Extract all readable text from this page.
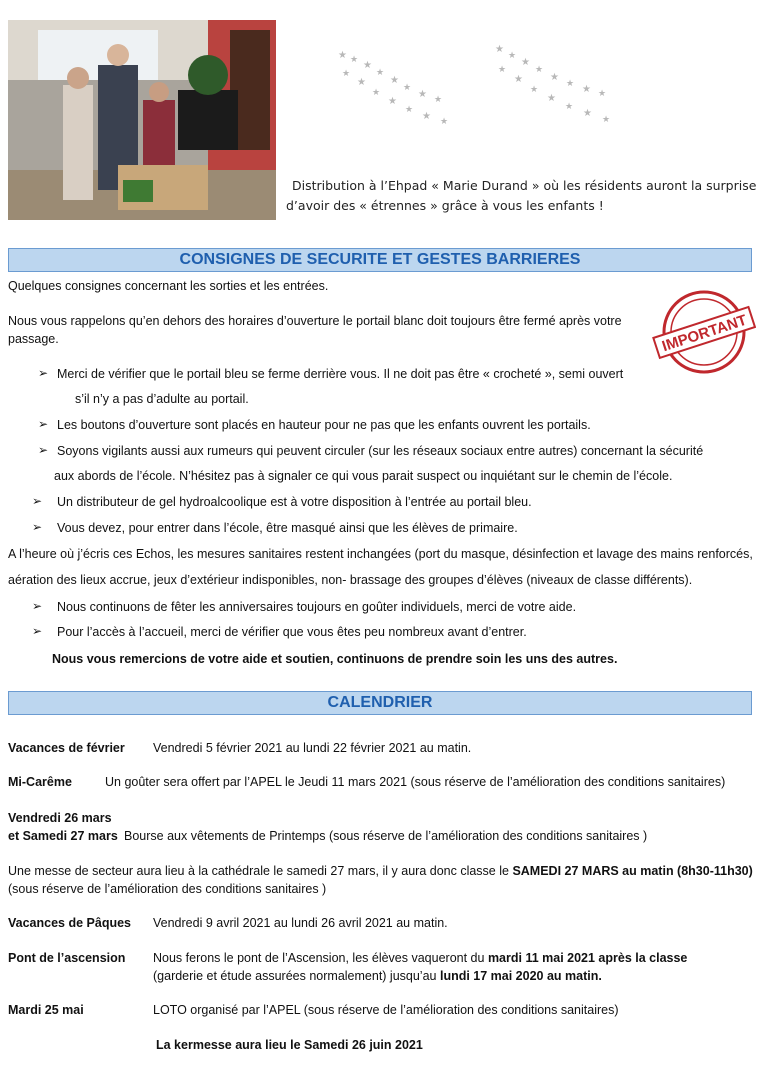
★ ★
★
★
★
★
★ ★
★
★
★
★
★
★ ★
★ ★
★
★
★ ★
★ ★
★
★
★
★
★
★ ★
Distribution à l’Ehpad « Marie Durand » où les résidents auront la surprise
d’avoir des « étrennes » grâce à vous les enfants !
CONSIGNES DE SECURITE ET GESTES BARRIERES
Quelques consignes concernant les sorties et les entrées.
Nous vous rappelons qu’en dehors des horaires d’ouverture le portail blanc doit toujours être fermé après votre
passage.	IMPORTANT
➢ Merci de vérifier que le portail bleu se ferme derrière vous. Il ne doit pas être « crocheté », semi ouvert
s’il n’y a pas d’adulte au portail.
➢ Les boutons d’ouverture sont placés en hauteur pour ne pas que les enfants ouvrent les portails.
➢ Soyons vigilants aussi aux rumeurs qui peuvent circuler (sur les réseaux sociaux entre autres) concernant la sécurité
aux abords de l’école. N’hésitez pas à signaler ce qui vous parait suspect ou inquiétant sur le chemin de l’école.
➢ Un distributeur de gel hydroalcoolique est à votre disposition à l’entrée au portail bleu.
➢ Vous devez, pour entrer dans l’école, être masqué ainsi que les élèves de primaire.
A l’heure où j’écris ces Echos, les mesures sanitaires restent inchangées (port du masque, désinfection et lavage des mains renforcés,
aération des lieux accrue, jeux d’extérieur indisponibles, non- brassage des groupes d’élèves (niveaux de classe différents).
➢ Nous continuons de fêter les anniversaires toujours en goûter individuels, merci de votre aide.
➢ Pour l’accès à l’accueil, merci de vérifier que vous êtes peu nombreux avant d’entrer.
Nous vous remercions de votre aide et soutien, continuons de prendre soin les uns des autres.
CALENDRIER
Vacances de février Vendredi 5 février 2021 au lundi 22 février 2021 au matin.
Mi-Carême	Un goûter sera offert par l’APEL le Jeudi 11 mars 2021 (sous réserve de l’amélioration des conditions sanitaires)
Vendredi 26 mars
et Samedi 27 mars Bourse aux vêtements de Printemps (sous réserve de l’amélioration des conditions sanitaires )
Une messe de secteur aura lieu à la cathédrale le samedi 27 mars, il y aura donc classe le SAMEDI 27 MARS au matin (8h30-11h30)
(sous réserve de l’amélioration des conditions sanitaires )
Vacances de Pâques Vendredi 9 avril 2021 au lundi 26 avril 2021 au matin.
Pont de l’ascension Nous ferons le pont de l’Ascension, les élèves vaqueront du mardi 11 mai 2021 après la classe
(garderie et étude assurées normalement) jusqu’au lundi 17 mai 2020 au matin.
Mardi 25 mai	LOTO organisé par l’APEL (sous réserve de l’amélioration des conditions sanitaires)
La kermesse aura lieu le Samedi 26 juin 2021
